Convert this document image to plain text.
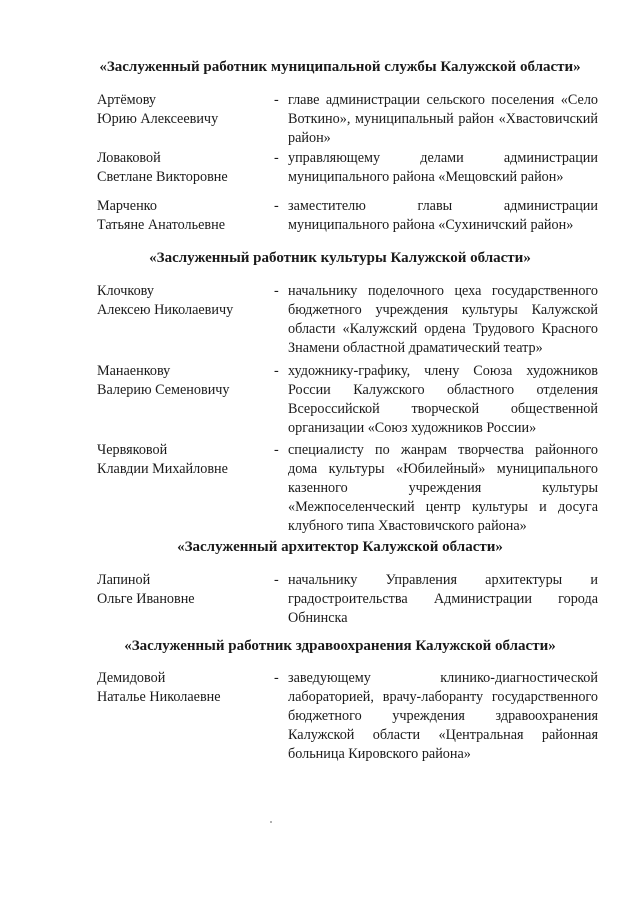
«Заслуженный работник муниципальной службы Калужской области»
Артёмову
Юрию Алексеевичу
- главе администрации сельского поселения «Село Воткино», муниципальный район «Хвастовичский район»
Ловаковой
Светлане Викторовне
- управляющему делами администрации муниципального района «Мещовский район»
Марченко
Татьяне Анатольевне
- заместителю главы администрации муниципального района «Сухиничский район»
«Заслуженный работник культуры Калужской области»
Клочкову
Алексею Николаевичу
- начальнику поделочного цеха государственного бюджетного учреждения культуры Калужской области «Калужский ордена Трудового Красного Знамени областной драматический театр»
Манаенкову
Валерию Семеновичу
- художнику-графику, члену Союза художников России Калужского областного отделения Всероссийской творческой общественной организации «Союз художников России»
Червяковой
Клавдии Михайловне
- специалисту по жанрам творчества районного дома культуры «Юбилейный» муниципального казенного учреждения культуры «Межпоселенческий центр культуры и досуга клубного типа Хвастовичского района»
«Заслуженный архитектор Калужской области»
Лапиной
Ольге Ивановне
- начальнику Управления архитектуры и градостроительства Администрации города Обнинска
«Заслуженный работник здравоохранения Калужской области»
Демидовой
Наталье Николаевне
- заведующему клинико-диагностической лабораторией, врачу-лаборанту государственного бюджетного учреждения здравоохранения Калужской области «Центральная районная больница Кировского района»
